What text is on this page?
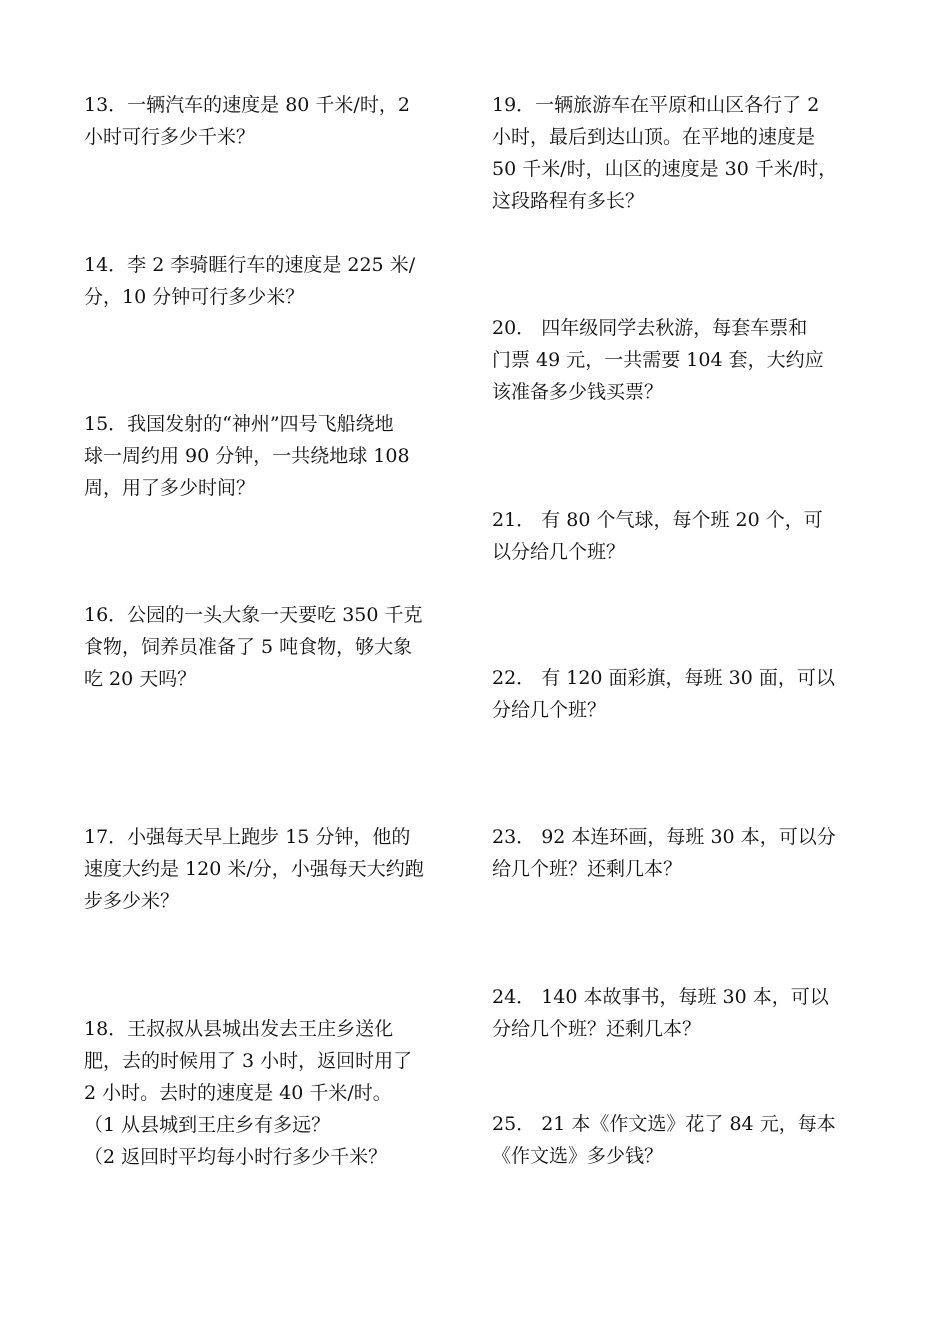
13．一辆汽车的速度是 80 千米/时，2
小时可行多少千米？
14．李 2 李骑睚行车的速度是 225 米/
分，10 分钟可行多少米？
15．我国发射的“神州”四号飞船绕地
球一周约用 90 分钟，一共绕地球 108
周，用了多少时间？
16．公园的一头大象一天要吃 350 千克
食物，饲养员准备了 5 吨食物，够大象
吃 20 天吗？
17．小强每天早上跑步 15 分钟，他的
速度大约是 120 米/分，小强每天大约跑
步多少米？
18．王叔叔从县城出发去王庄乡送化
肥，去的时候用了 3 小时，返回时用了
2 小时。去时的速度是 40 千米/时。
（1 从县城到王庄乡有多远？
（2 返回时平均每小时行多少千米？
19．一辆旅游车在平原和山区各行了 2
小时，最后到达山顶。在平地的速度是
50 千米/时，山区的速度是 30 千米/时，
这段路程有多长？
20． 四年级同学去秋游，每套车票和
门票 49 元，一共需要 104 套，大约应
该准备多少钱买票？
21． 有 80 个气球，每个班 20 个，可
以分给几个班？
22． 有 120 面彩旗，每班 30 面，可以
分给几个班？
23． 92 本连环画，每班 30 本，可以分
给几个班？还剩几本？
24． 140 本故事书，每班 30 本，可以
分给几个班？还剩几本？
25． 21 本《作文选》花了 84 元，每本
《作文选》多少钱？
